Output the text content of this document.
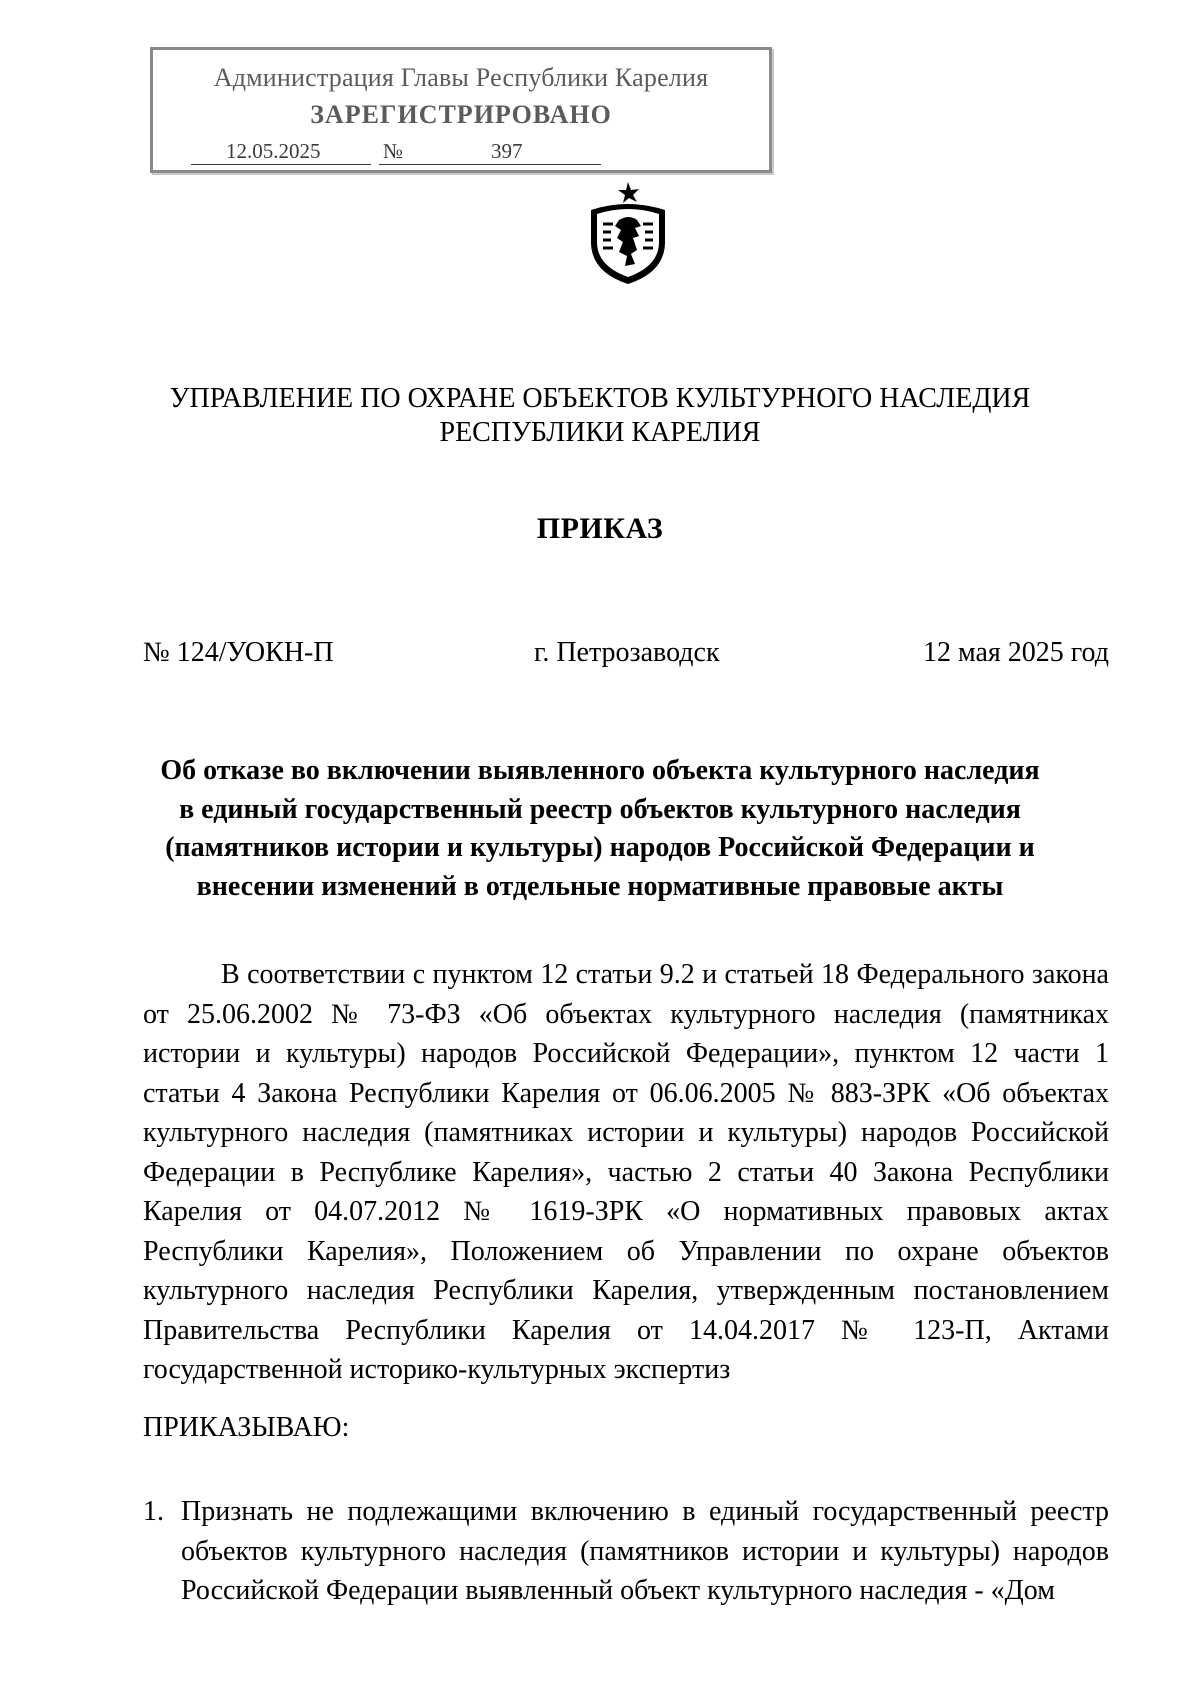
Администрация Главы Республики Карелия
ЗАРЕГИСТРИРОВАНО
12.05.2025	№	397
УПРАВЛЕНИЕ ПО ОХРАНЕ ОБЪЕКТОВ КУЛЬТУРНОГО НАСЛЕДИЯ
РЕСПУБЛИКИ КАРЕЛИЯ
ПРИКАЗ
№ 124/УОКН-П	г. Петрозаводск	12 мая 2025 год
Об отказе во включении выявленного объекта культурного наследия
в единый государственный реестр объектов культурного наследия
(памятников истории и культуры) народов Российской Федерации и
внесении изменений в отдельные нормативные правовые акты
В соответствии с пунктом 12 статьи 9.2 и статьей 18 Федерального закона от 25.06.2002 № 73-ФЗ «Об объектах культурного наследия (памятниках истории и культуры) народов Российской Федерации», пунктом 12 части 1 статьи 4 Закона Республики Карелия от 06.06.2005 № 883-ЗРК «Об объектах культурного наследия (памятниках истории и культуры) народов Российской Федерации в Республике Карелия», частью 2 статьи 40 Закона Республики Карелия от 04.07.2012 № 1619-ЗРК «О нормативных правовых актах Республики Карелия», Положением об Управлении по охране объектов культурного наследия Республики Карелия, утвержденным постановлением Правительства Республики Карелия от 14.04.2017 № 123-П, Актами государственной историко-культурных экспертиз
ПРИКАЗЫВАЮ:
1. Признать не подлежащими включению в единый государственный реестр объектов культурного наследия (памятников истории и культуры) народов Российской Федерации выявленный объект культурного наследия - «Дом
